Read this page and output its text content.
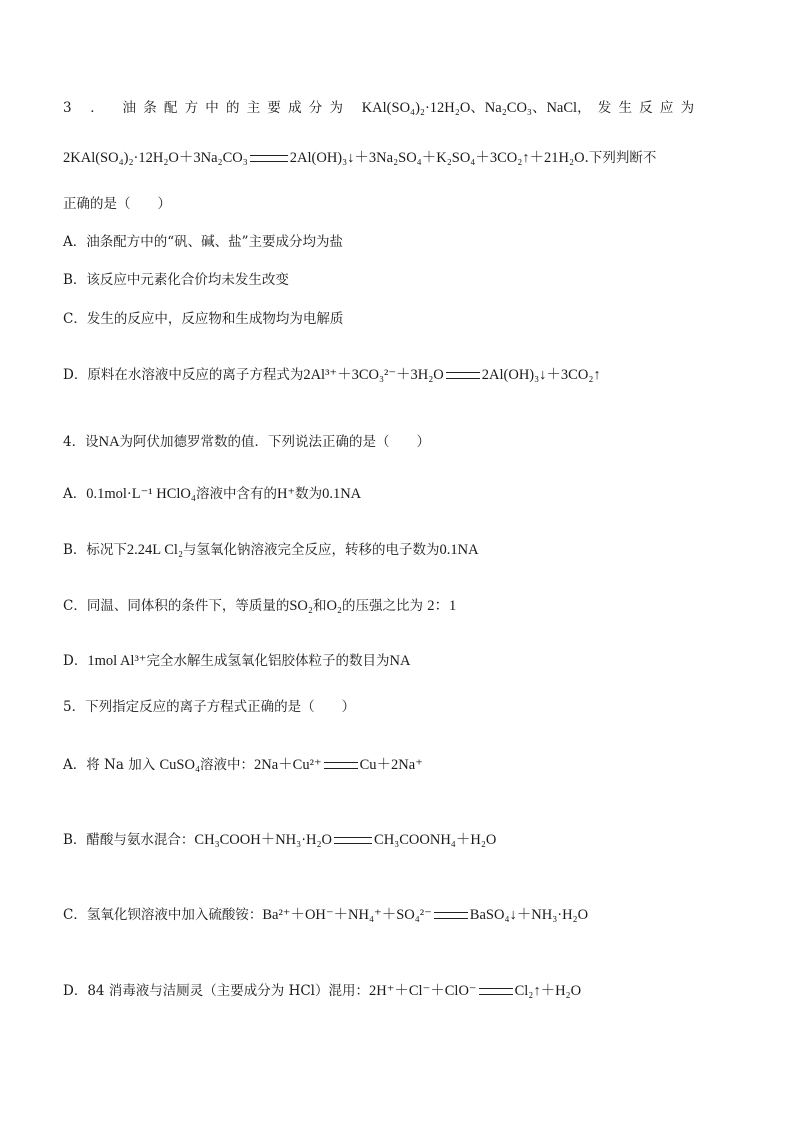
3 ． 油条配方中的主要成分为 KAl(SO₄)₂·12H₂O、Na₂CO₃、NaCl，发生反应为
2KAl(SO₄)₂·12H₂O＋3Na₂CO₃	2Al(OH)₃↓＋3Na₂SO₄＋K₂SO₄＋3CO₂↑＋21H₂O.下列判断不
正确的是（　　）
A．油条配方中的“矾、碱、盐”主要成分均为盐
B．该反应中元素化合价均未发生改变
C．发生的反应中，反应物和生成物均为电解质
D．原料在水溶液中反应的离子方程式为2Al³⁺＋3CO₃²⁻＋3H₂O	2Al(OH)₃↓＋3CO₂↑
4．设NA为阿伏加德罗常数的值．下列说法正确的是（　　）
A．0.1mol·L⁻¹ HClO₄溶液中含有的H⁺数为0.1NA
B．标况下2.24L Cl₂与氢氧化钠溶液完全反应，转移的电子数为0.1NA
C．同温、同体积的条件下，等质量的SO₂和O₂的压强之比为 2：1
D．1mol Al³⁺完全水解生成氢氧化铝胶体粒子的数目为NA
5．下列指定反应的离子方程式正确的是（　　）
A．将 Na 加入 CuSO₄溶液中：2Na＋Cu²⁺	Cu＋2Na⁺
B．醋酸与氨水混合：CH₃COOH＋NH₃·H₂O	CH₃COONH₄＋H₂O
C．氢氧化钡溶液中加入硫酸铵：Ba²⁺＋OH⁻＋NH₄⁺＋SO₄²⁻	BaSO₄↓＋NH₃·H₂O
D．84 消毒液与洁厕灵（主要成分为 HCl）混用：2H⁺＋Cl⁻＋ClO⁻	Cl₂↑＋H₂O
